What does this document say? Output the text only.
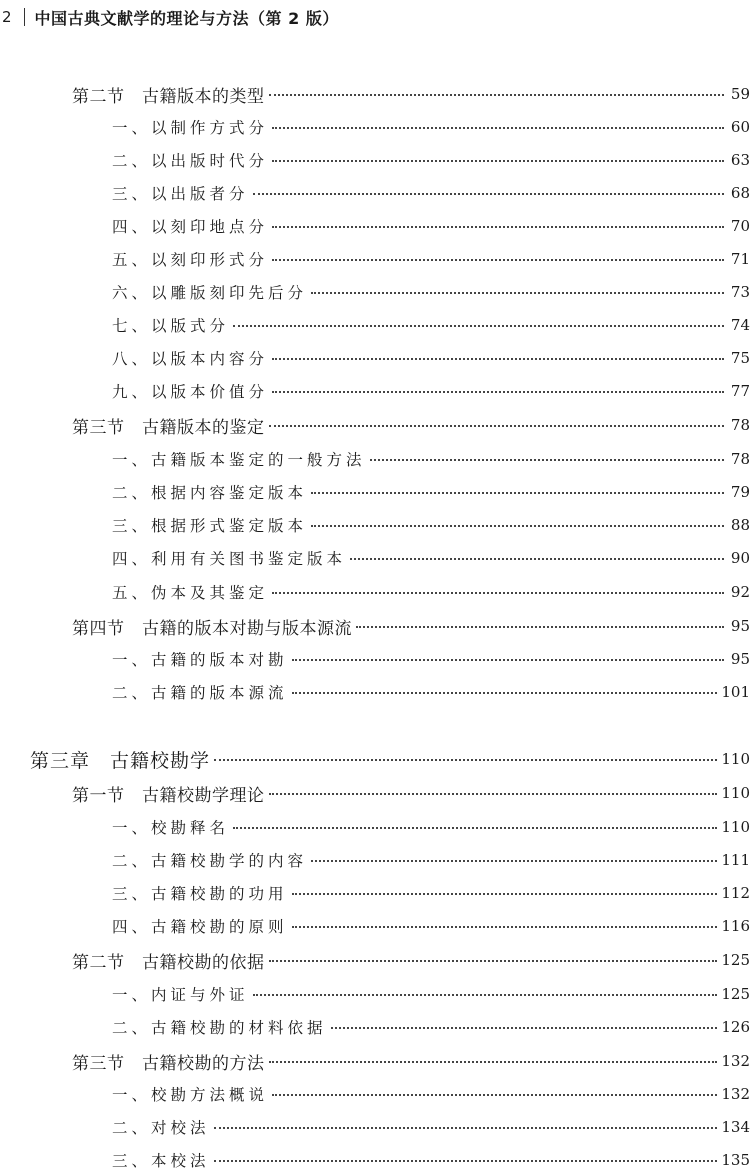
2 中国古典文献学的理论与方法（第 2 版）
第二节　古籍版本的类型	59
一、以制作方式分	60
二、以出版时代分	63
三、以出版者分	68
四、以刻印地点分	70
五、以刻印形式分	71
六、以雕版刻印先后分	73
七、以版式分	74
八、以版本内容分	75
九、以版本价值分	77
第三节　古籍版本的鉴定	78
一、古籍版本鉴定的一般方法	78
二、根据内容鉴定版本	79
三、根据形式鉴定版本	88
四、利用有关图书鉴定版本	90
五、伪本及其鉴定	92
第四节　古籍的版本对勘与版本源流	95
一、古籍的版本对勘	95
二、古籍的版本源流	101
第三章　古籍校勘学	110
第一节　古籍校勘学理论	110
一、校勘释名	110
二、古籍校勘学的内容	111
三、古籍校勘的功用	112
四、古籍校勘的原则	116
第二节　古籍校勘的依据	125
一、内证与外证	125
二、古籍校勘的材料依据	126
第三节　古籍校勘的方法	132
一、校勘方法概说	132
二、对校法	134
三、本校法	135
